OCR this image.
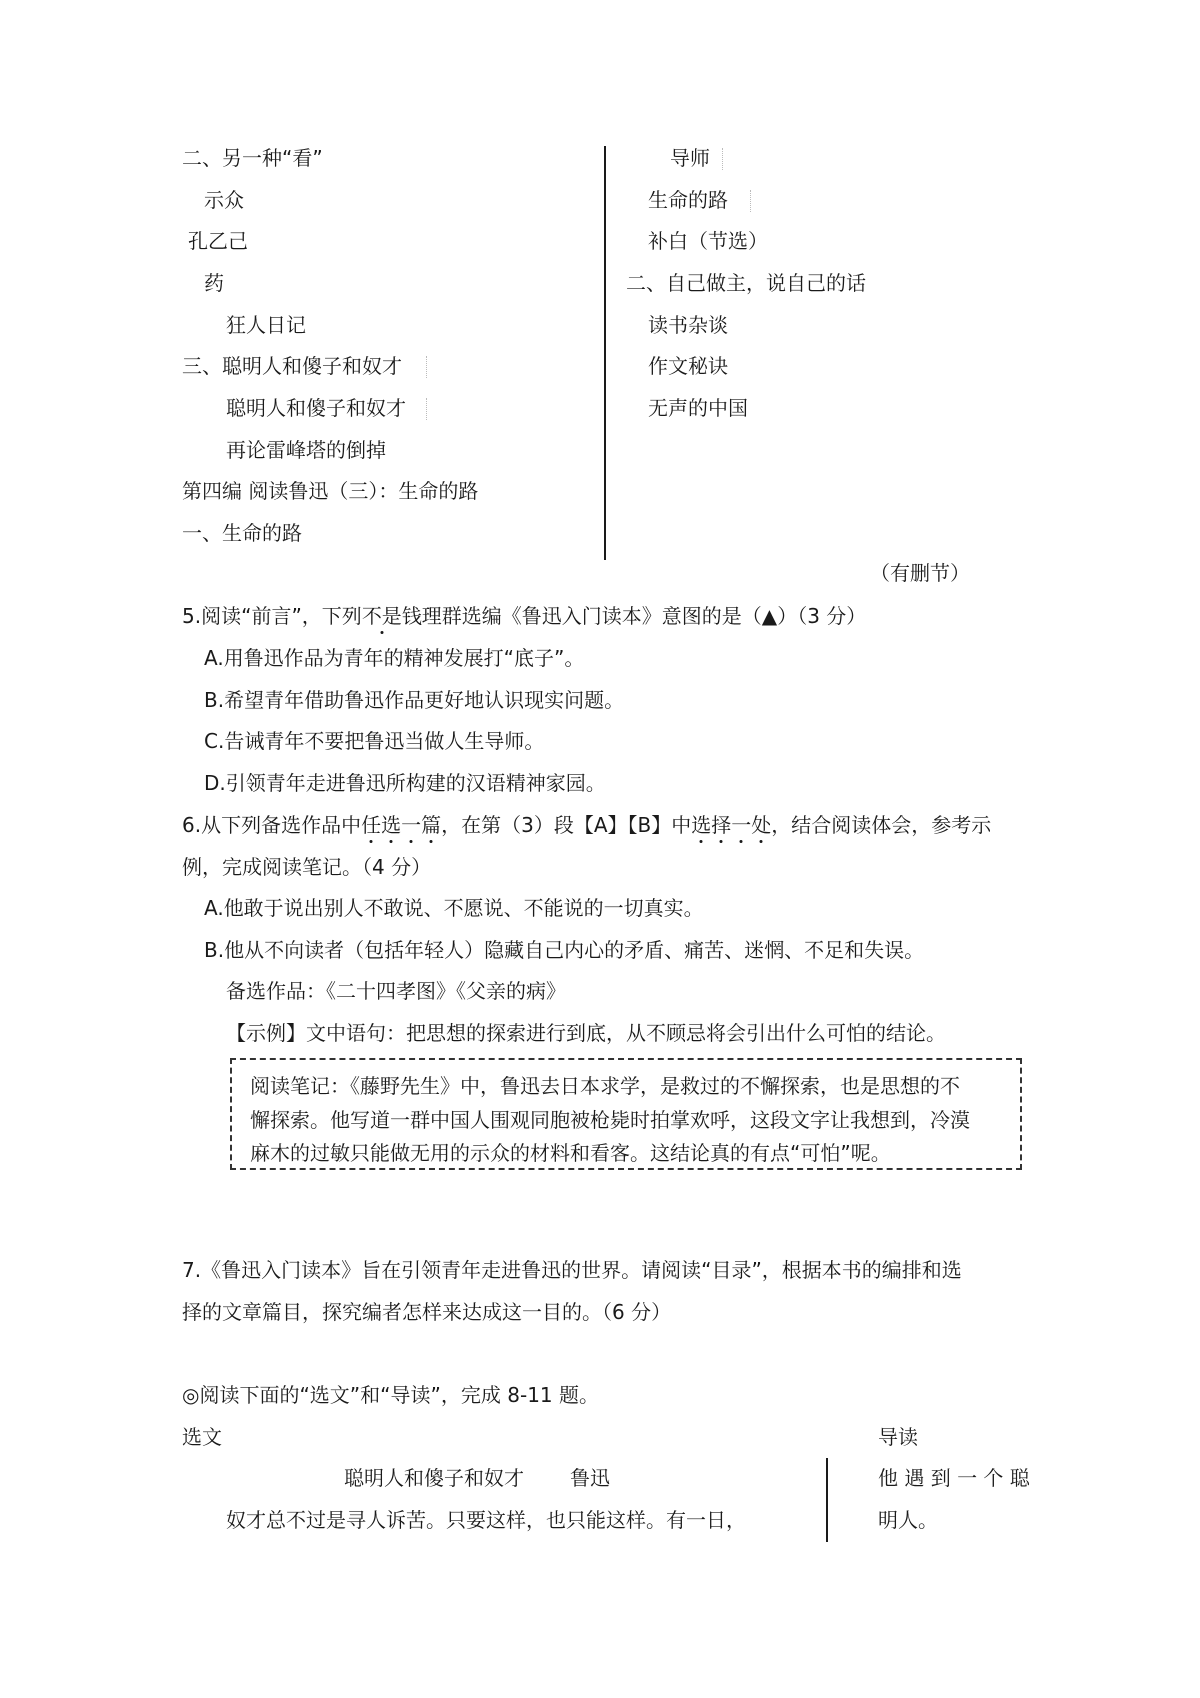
二、另一种“看”
示众
孔乙己
药
狂人日记
三、聪明人和傻子和奴才
聪明人和傻子和奴才
再论雷峰塔的倒掉
第四编 阅读鲁迅（三）：生命的路
一、生命的路
导师
生命的路
补白（节选）
二、自己做主，说自己的话
读书杂谈
作文秘诀
无声的中国
（有删节）
5.阅读“前言”，下列不是钱理群选编《鲁迅入门读本》意图的是（▲）（3 分）
A.用鲁迅作品为青年的精神发展打“底子”。
B.希望青年借助鲁迅作品更好地认识现实问题。
C.告诫青年不要把鲁迅当做人生导师。
D.引领青年走进鲁迅所构建的汉语精神家园。
6.从下列备选作品中任选一篇，在第（3）段【A】【B】中选择一处，结合阅读体会，参考示
例，完成阅读笔记。（4 分）
A.他敢于说出别人不敢说、不愿说、不能说的一切真实。
B.他从不向读者（包括年轻人）隐藏自己内心的矛盾、痛苦、迷惘、不足和失误。
备选作品：《二十四孝图》《父亲的病》
【示例】文中语句：把思想的探索进行到底，从不顾忌将会引出什么可怕的结论。
阅读笔记：《藤野先生》中，鲁迅去日本求学，是救过的不懈探索，也是思想的不
懈探索。他写道一群中国人围观同胞被枪毙时拍掌欢呼，这段文字让我想到，冷漠
麻木的过敏只能做无用的示众的材料和看客。这结论真的有点“可怕”呢。
7.《鲁迅入门读本》旨在引领青年走进鲁迅的世界。请阅读“目录”，根据本书的编排和选
择的文章篇目，探究编者怎样来达成这一目的。（6 分）
◎阅读下面的“选文”和“导读”，完成 8-11 题。
选文	导读
聪明人和傻子和奴才 鲁迅
奴才总不过是寻人诉苦。只要这样，也只能这样。有一日，
他 遇 到 一 个 聪
明人。
